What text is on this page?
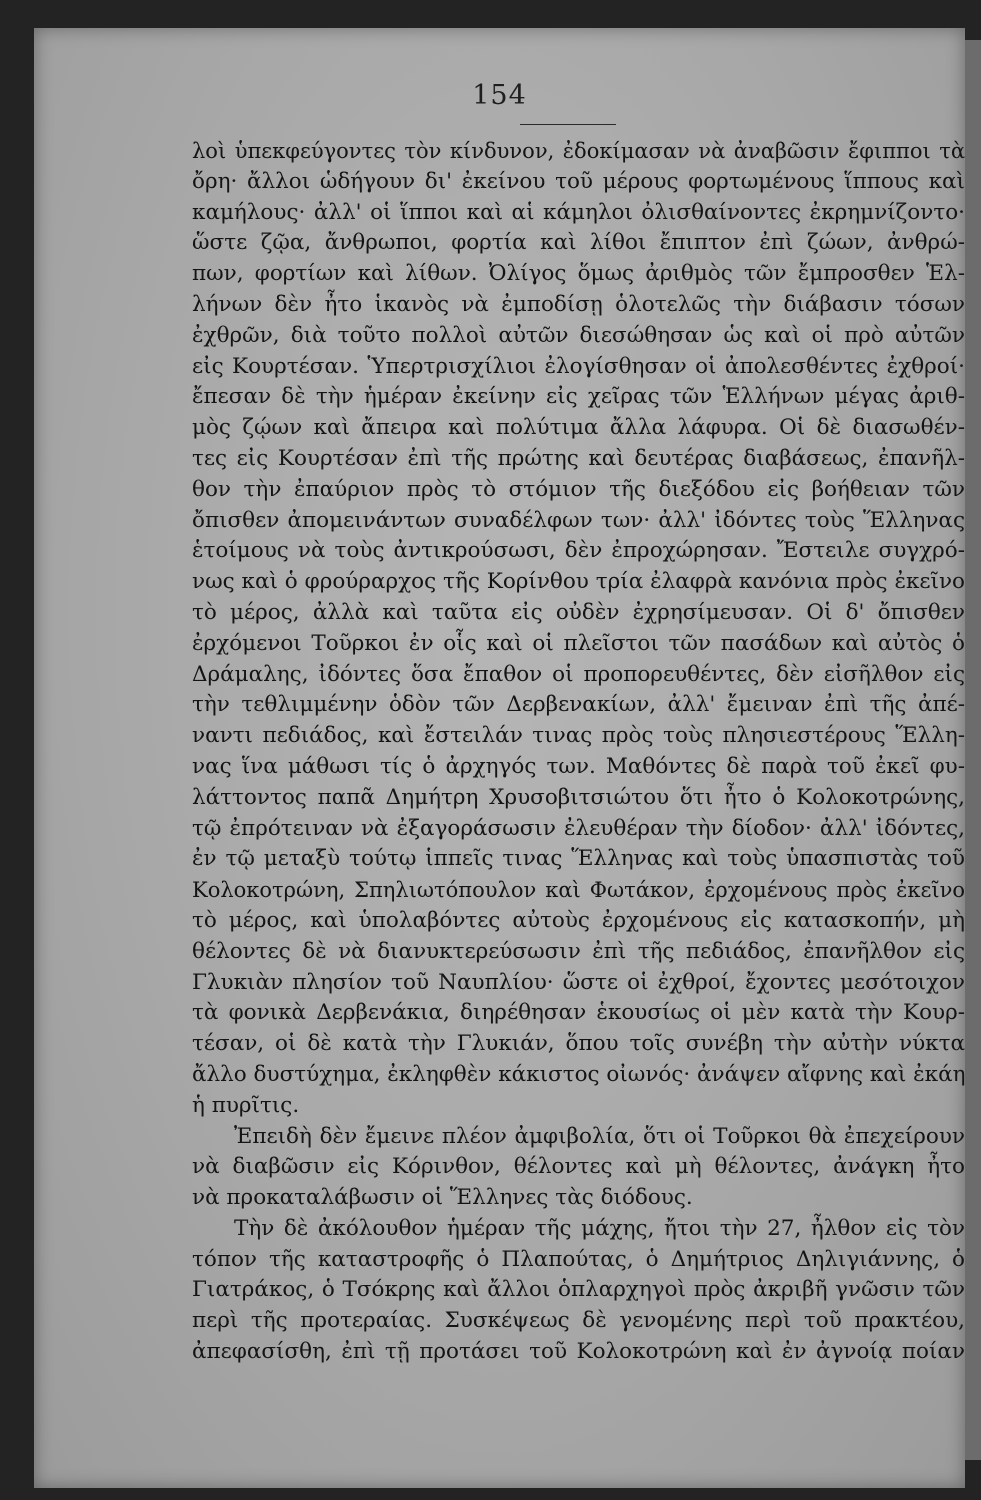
154
λοὶ ὑπεκφεύγοντες τὸν κίνδυνον, ἐδοκίμασαν νὰ ἀναβῶσιν ἔφιπποι τὰ
ὄρη· ἄλλοι ὡδήγουν δι' ἐκείνου τοῦ μέρους φορτωμένους ἵππους καὶ
καμήλους· ἀλλ' οἱ ἵπποι καὶ αἱ κάμηλοι ὀλισθαίνοντες ἐκρημνίζοντο·
ὥστε ζῷα, ἄνθρωποι, φορτία καὶ λίθοι ἔπιπτον ἐπὶ ζώων, ἀνθρώ-
πων, φορτίων καὶ λίθων. Ὀλίγος ὅμως ἀριθμὸς τῶν ἔμπροσθεν Ἑλ-
λήνων δὲν ἦτο ἱκανὸς νὰ ἐμποδίσῃ ὁλοτελῶς τὴν διάβασιν τόσων
ἐχθρῶν, διὰ τοῦτο πολλοὶ αὐτῶν διεσώθησαν ὡς καὶ οἱ πρὸ αὐτῶν
εἰς Κουρτέσαν. Ὑπερτρισχίλιοι ἐλογίσθησαν οἱ ἀπολεσθέντες ἐχθροί·
ἔπεσαν δὲ τὴν ἡμέραν ἐκείνην εἰς χεῖρας τῶν Ἑλλήνων μέγας ἀριθ-
μὸς ζῴων καὶ ἄπειρα καὶ πολύτιμα ἄλλα λάφυρα. Οἱ δὲ διασωθέν-
τες εἰς Κουρτέσαν ἐπὶ τῆς πρώτης καὶ δευτέρας διαβάσεως, ἐπανῆλ-
θον τὴν ἐπαύριον πρὸς τὸ στόμιον τῆς διεξόδου εἰς βοήθειαν τῶν
ὄπισθεν ἀπομεινάντων συναδέλφων των· ἀλλ' ἰδόντες τοὺς Ἕλληνας
ἑτοίμους νὰ τοὺς ἀντικρούσωσι, δὲν ἐπροχώρησαν. Ἔστειλε συγχρό-
νως καὶ ὁ φρούραρχος τῆς Κορίνθου τρία ἐλαφρὰ κανόνια πρὸς ἐκεῖνο
τὸ μέρος, ἀλλὰ καὶ ταῦτα εἰς οὐδὲν ἐχρησίμευσαν. Οἱ δ' ὄπισθεν
ἐρχόμενοι Τοῦρκοι ἐν οἷς καὶ οἱ πλεῖστοι τῶν πασάδων καὶ αὐτὸς ὁ
Δράμαλης, ἰδόντες ὅσα ἔπαθον οἱ προπορευθέντες, δὲν εἰσῆλθον εἰς
τὴν τεθλιμμένην ὁδὸν τῶν Δερβενακίων, ἀλλ' ἔμειναν ἐπὶ τῆς ἀπέ-
ναντι πεδιάδος, καὶ ἔστειλάν τινας πρὸς τοὺς πλησιεστέρους Ἕλλη-
νας ἵνα μάθωσι τίς ὁ ἀρχηγός των. Μαθόντες δὲ παρὰ τοῦ ἐκεῖ φυ-
λάττοντος παπᾶ Δημήτρη Χρυσοβιτσιώτου ὅτι ἦτο ὁ Κολοκοτρώνης,
τῷ ἐπρότειναν νὰ ἐξαγοράσωσιν ἐλευθέραν τὴν δίοδον· ἀλλ' ἰδόντες,
ἐν τῷ μεταξὺ τούτῳ ἱππεῖς τινας Ἕλληνας καὶ τοὺς ὑπασπιστὰς τοῦ
Κολοκοτρώνη, Σπηλιωτόπουλον καὶ Φωτάκον, ἐρχομένους πρὸς ἐκεῖνο
τὸ μέρος, καὶ ὑπολαβόντες αὐτοὺς ἐρχομένους εἰς κατασκοπήν, μὴ
θέλοντες δὲ νὰ διανυκτερεύσωσιν ἐπὶ τῆς πεδιάδος, ἐπανῆλθον εἰς
Γλυκιὰν πλησίον τοῦ Ναυπλίου· ὥστε οἱ ἐχθροί, ἔχοντες μεσότοιχον
τὰ φονικὰ Δερβενάκια, διηρέθησαν ἑκουσίως οἱ μὲν κατὰ τὴν Κουρ-
τέσαν, οἱ δὲ κατὰ τὴν Γλυκιάν, ὅπου τοῖς συνέβη τὴν αὐτὴν νύκτα
ἄλλο δυστύχημα, ἐκληφθὲν κάκιστος οἰωνός· ἀνάψεν αἴφνης καὶ ἐκάη
ἡ πυρῖτις.
Ἐπειδὴ δὲν ἔμεινε πλέον ἀμφιβολία, ὅτι οἱ Τοῦρκοι θὰ ἐπεχείρουν
νὰ διαβῶσιν εἰς Κόρινθον, θέλοντες καὶ μὴ θέλοντες, ἀνάγκη ἦτο
νὰ προκαταλάβωσιν οἱ Ἕλληνες τὰς διόδους.
Τὴν δὲ ἀκόλουθον ἡμέραν τῆς μάχης, ἤτοι τὴν 27, ἦλθον εἰς τὸν
τόπον τῆς καταστροφῆς ὁ Πλαπούτας, ὁ Δημήτριος Δηλιγιάννης, ὁ
Γιατράκος, ὁ Τσόκρης καὶ ἄλλοι ὁπλαρχηγοὶ πρὸς ἀκριβῆ γνῶσιν τῶν
περὶ τῆς προτεραίας. Συσκέψεως δὲ γενομένης περὶ τοῦ πρακτέου,
ἀπεφασίσθη, ἐπὶ τῇ προτάσει τοῦ Κολοκοτρώνη καὶ ἐν ἀγνοίᾳ ποίαν
